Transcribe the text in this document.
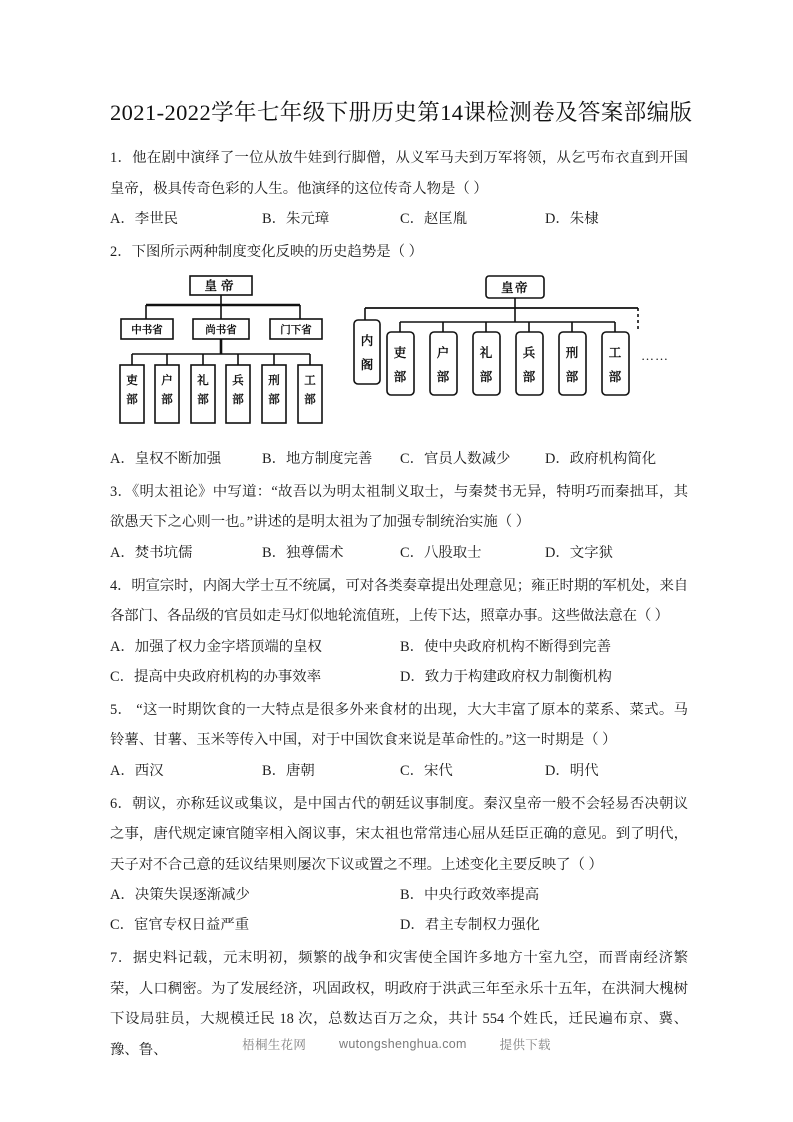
2021-2022学年七年级下册历史第14课检测卷及答案部编版

1．他在剧中演绎了一位从放牛娃到行脚僧，从义军马夫到万军将领，从乞丐布衣直到开国皇帝，极具传奇色彩的人生。他演绎的这位传奇人物是（ ）

A．李世民	B．朱元璋	C．赵匡胤	D．朱棣

2．下图所示两种制度变化反映的历史趋势是（ ）

皇帝
中书省	尚书省	门下省
吏
部
户
部
礼
部
兵
部
刑
部
工
部
皇帝
内
阁
吏
部
户
部
礼
部
兵
部
刑
部
工
部
……
A．皇权不断加强	B．地方制度完善 C．官员人数减少 D．政府机构简化

3．《明太祖论》中写道：“故吾以为明太祖制义取士，与秦焚书无异，特明巧而秦拙耳，其欲愚天下之心则一也。”讲述的是明太祖为了加强专制统治实施（ ）

A．焚书坑儒	B．独尊儒术	C．八股取士	D．文字狱

4．明宣宗时，内阁大学士互不统属，可对各类奏章提出处理意见；雍正时期的军机处，来自各部门、各品级的官员如走马灯似地轮流值班，上传下达，照章办事。这些做法意在（ ）

A．加强了权力金字塔顶端的皇权	B．使中央政府机构不断得到完善
C．提高中央政府机构的办事效率	D．致力于构建政府权力制衡机构

5． “这一时期饮食的一大特点是很多外来食材的出现，大大丰富了原本的菜系、菜式。马铃薯、甘薯、玉米等传入中国，对于中国饮食来说是革命性的。”这一时期是（ ）

A．西汉	B．唐朝	C．宋代	D．明代

6．朝议，亦称廷议或集议，是中国古代的朝廷议事制度。秦汉皇帝一般不会轻易否决朝议之事，唐代规定谏官随宰相入阁议事，宋太祖也常常违心屈从廷臣正确的意见。到了明代，天子对不合己意的廷议结果则屡次下议或置之不理。上述变化主要反映了（ ）

A．决策失误逐渐减少	B．中央行政效率提高
C．宦官专权日益严重	D．君主专制权力强化

7．据史料记载，元末明初，频繁的战争和灾害使全国许多地方十室九空，而晋南经济繁荣，人口稠密。为了发展经济，巩固政权，明政府于洪武三年至永乐十五年，在洪洞大槐树下设局驻员，大规模迁民 18 次，总数达百万之众，共计 554 个姓氏，迁民遍布京、冀、豫、鲁、	梧桐生花网	wutongshenghua.com	提供下载
